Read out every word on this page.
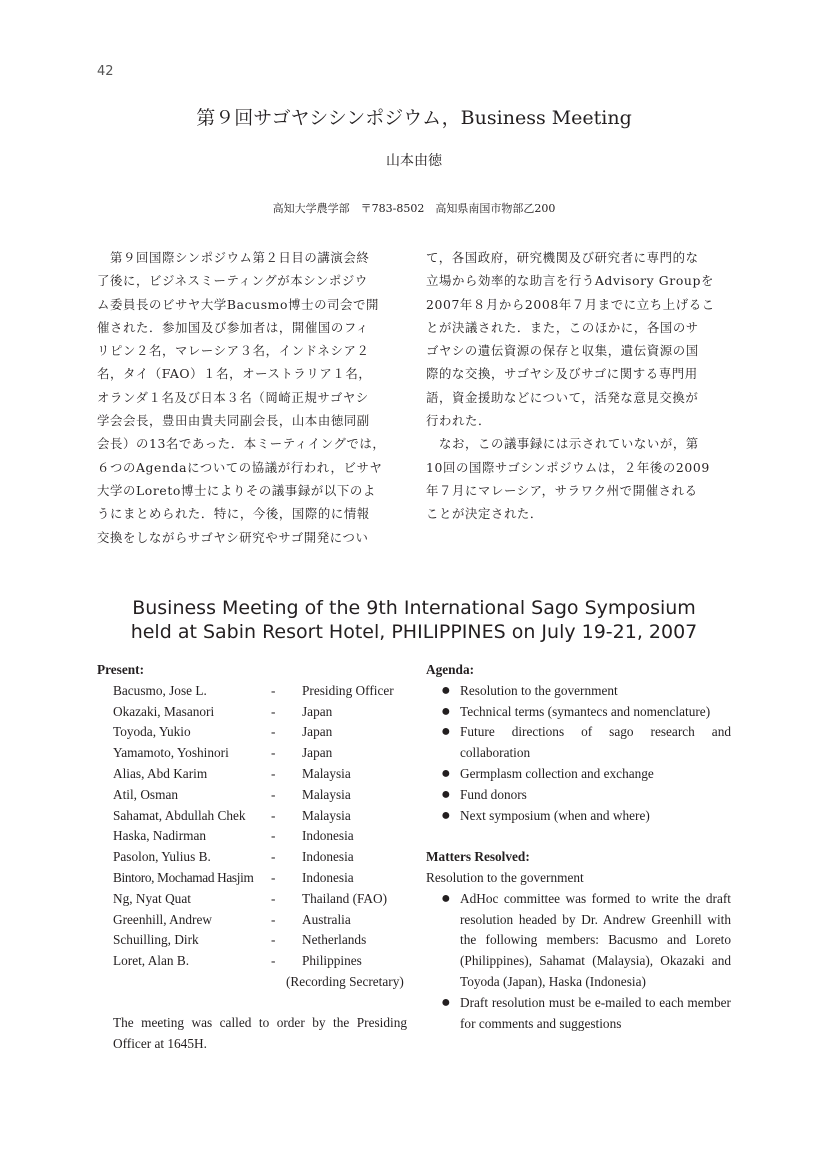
42
第９回サゴヤシシンポジウム，Business Meeting
山本由徳
高知大学農学部　〒783-8502　高知県南国市物部乙200
　第９回国際シンポジウム第２日目の講演会終
了後に，ビジネスミーティングが本シンポジウ
ム委員長のビサヤ大学Bacusmo博士の司会で開
催された．参加国及び参加者は，開催国のフィ
リピン２名，マレーシア３名，インドネシア２
名，タイ（FAO）１名，オーストラリア１名，
オランダ１名及び日本３名（岡崎正規サゴヤシ
学会会長，豊田由貴夫同副会長，山本由徳同副
会長）の13名であった．本ミーティイングでは，
６つのAgendaについての協議が行われ，ビサヤ
大学のLoreto博士によりその議事録が以下のよ
うにまとめられた．特に，今後，国際的に情報
交換をしながらサゴヤシ研究やサゴ開発につい
て，各国政府，研究機関及び研究者に専門的な
立場から効率的な助言を行うAdvisory Groupを
2007年８月から2008年７月までに立ち上げるこ
とが決議された．また，このほかに，各国のサ
ゴヤシの遺伝資源の保存と収集，遺伝資源の国
際的な交換，サゴヤシ及びサゴに関する専門用
語，資金援助などについて，活発な意見交換が
行われた．
　なお，この議事録には示されていないが，第
10回の国際サゴシンポジウムは，２年後の2009
年７月にマレーシア，サラワク州で開催される
ことが決定された．
Business Meeting of the 9th International Sago Symposium
held at Sabin Resort Hotel, PHILIPPINES on July 19-21, 2007
Present:
Bacusmo, Jose L.	-	Presiding Officer
Okazaki, Masanori	-	Japan
Toyoda, Yukio	-	Japan
Yamamoto, Yoshinori	-	Japan
Alias, Abd Karim	-	Malaysia
Atil, Osman	-	Malaysia
Sahamat, Abdullah Chek	-	Malaysia
Haska, Nadirman	-	Indonesia
Pasolon, Yulius B.	-	Indonesia
Bintoro, Mochamad Hasjim	-	Indonesia
Ng, Nyat Quat	-	Thailand (FAO)
Greenhill, Andrew	-	Australia
Schuilling, Dirk	-	Netherlands
Loret, Alan B.	-	Philippines
(Recording Secretary)
The meeting was called to order by the Presiding Officer at 1645H.
Agenda:
● Resolution to the government
● Technical terms (symantecs and nomenclature)
● Future directions of sago research and collaboration
● Germplasm collection and exchange
● Fund donors
● Next symposium (when and where)
Matters Resolved:
Resolution to the government
● AdHoc committee was formed to write the draft resolution headed by Dr. Andrew Greenhill with the following members: Bacusmo and Loreto (Philippines), Sahamat (Malaysia), Okazaki and Toyoda (Japan), Haska (Indonesia)
● Draft resolution must be e-mailed to each member for comments and suggestions
